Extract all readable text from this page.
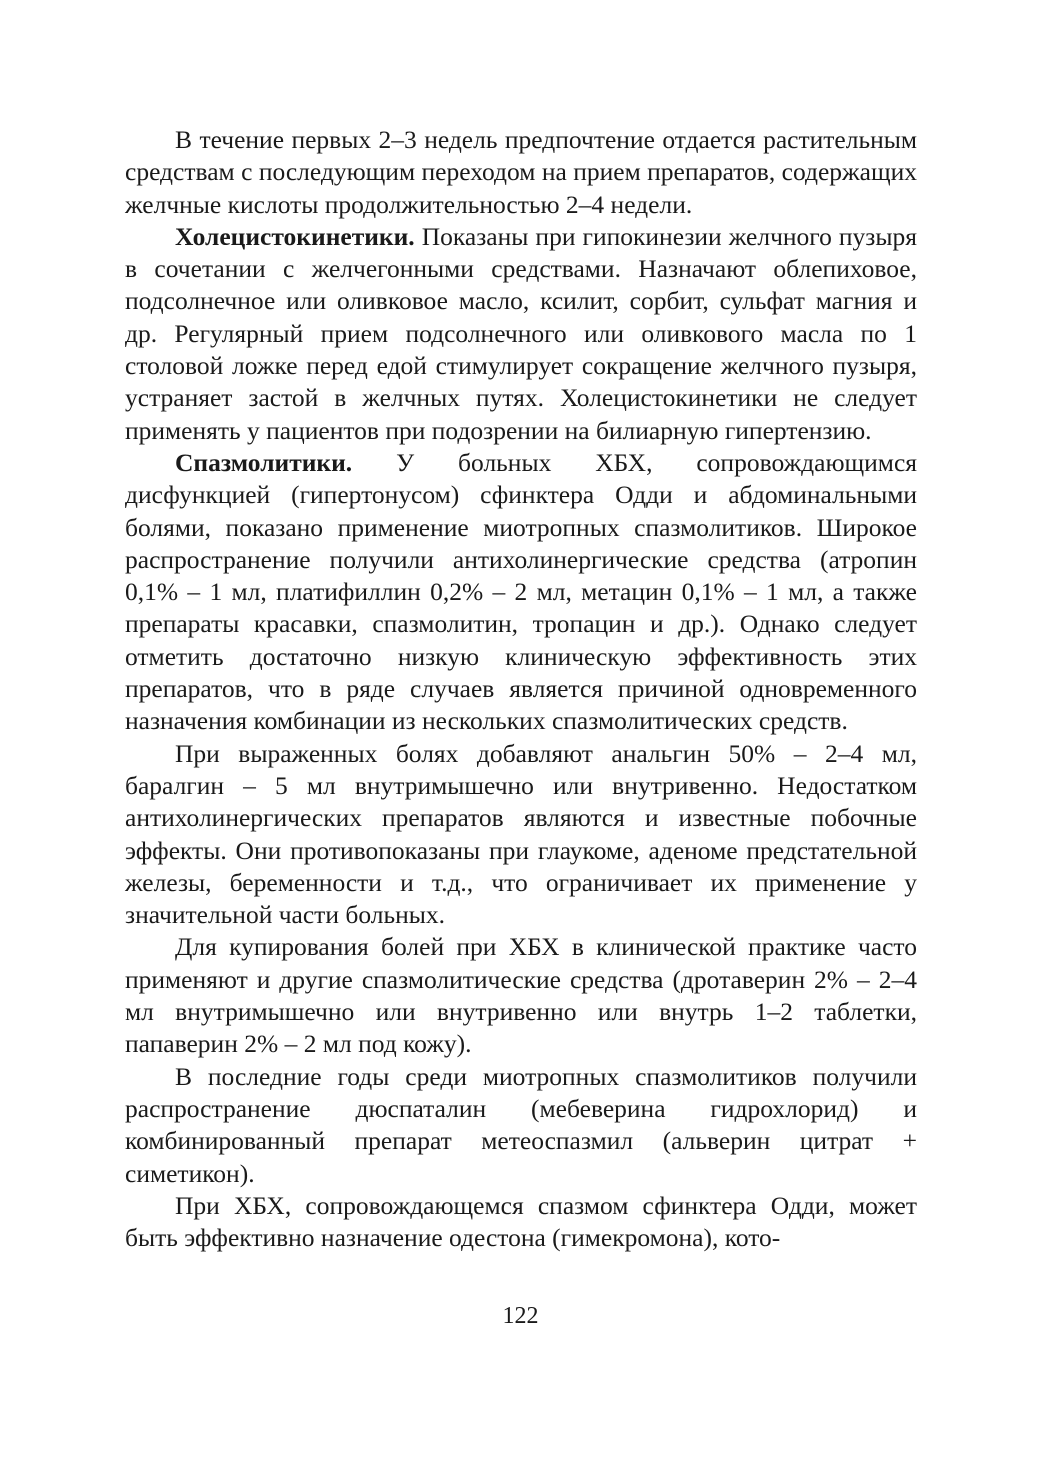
В течение первых 2–3 недель предпочтение отдается растительным средствам с последующим переходом на прием препаратов, содержащих желчные кислоты продолжительностью 2–4 недели.

Холецистокинетики. Показаны при гипокинезии желчного пузыря в сочетании с желчегонными средствами. Назначают облепиховое, подсолнечное или оливковое масло, ксилит, сорбит, сульфат магния и др. Регулярный прием подсолнечного или оливкового масла по 1 столовой ложке перед едой стимулирует сокращение желчного пузыря, устраняет застой в желчных путях. Холецистокинетики не следует применять у пациентов при подозрении на билиарную гипертензию.

Спазмолитики. У больных ХБХ, сопровождающимся дисфункцией (гипертонусом) сфинктера Одди и абдоминальными болями, показано применение миотропных спазмолитиков. Широкое распространение получили антихолинергические средства (атропин 0,1% – 1 мл, платифиллин 0,2% – 2 мл, метацин 0,1% – 1 мл, а также препараты красавки, спазмолитин, тропацин и др.). Однако следует отметить достаточно низкую клиническую эффективность этих препаратов, что в ряде случаев является причиной одновременного назначения комбинации из нескольких спазмолитических средств.

При выраженных болях добавляют анальгин 50% – 2–4 мл, баралгин – 5 мл внутримышечно или внутривенно. Недостатком антихолинергических препаратов являются и известные побочные эффекты. Они противопоказаны при глаукоме, аденоме предстательной железы, беременности и т.д., что ограничивает их применение у значительной части больных.

Для купирования болей при ХБХ в клинической практике часто применяют и другие спазмолитические средства (дротаверин 2% – 2–4 мл внутримышечно или внутривенно или внутрь 1–2 таблетки, папаверин 2% – 2 мл под кожу).

В последние годы среди миотропных спазмолитиков получили распространение дюспаталин (мебеверина гидрохлорид) и комбинированный препарат метеоспазмил (альверин цитрат + симетикон).

При ХБХ, сопровождающемся спазмом сфинктера Одди, может быть эффективно назначение одестона (гимекромона), кото-

122
